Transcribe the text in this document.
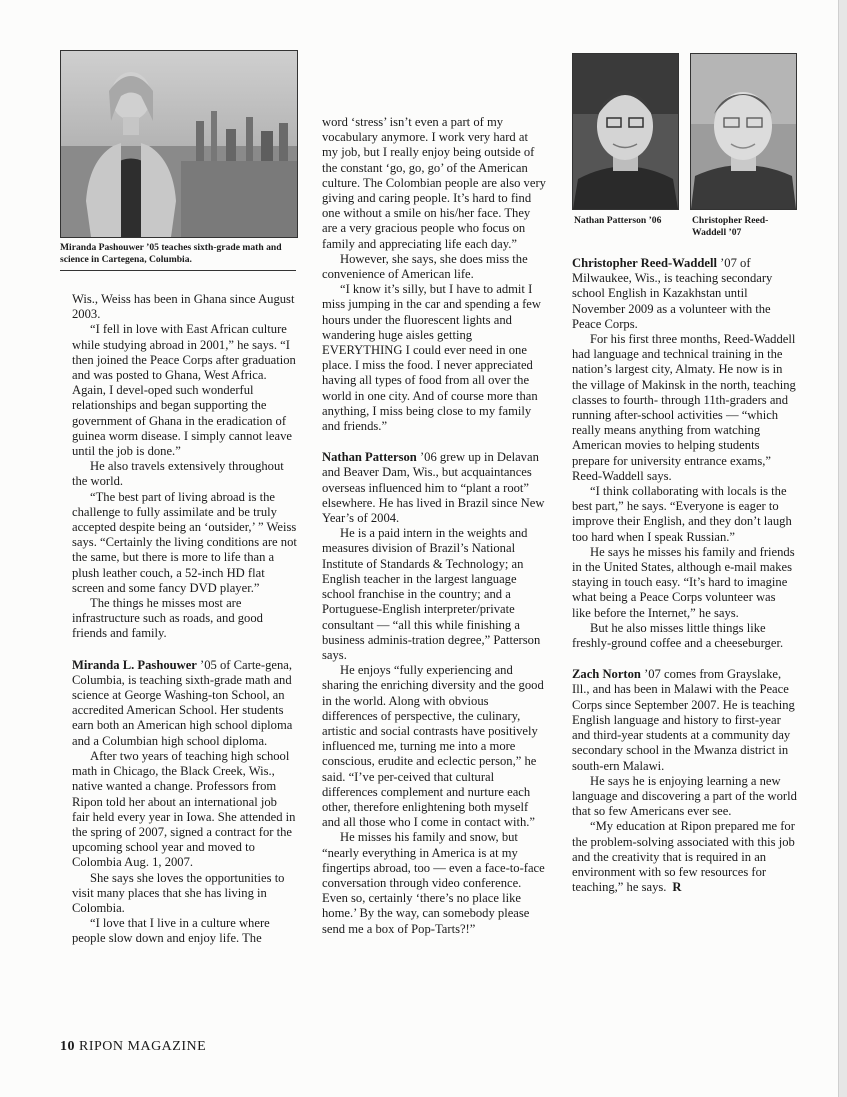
Miranda Pashouwer ’05 teaches sixth-grade math and science in Cartegena, Columbia.
Nathan Patterson ’06	Christopher Reed-Waddell ’07

Wis., Weiss has been in Ghana since August 2003.

“I fell in love with East African culture while studying abroad in 2001,” he says. “I then joined the Peace Corps after graduation and was posted to Ghana, West Africa. Again, I devel-oped such wonderful relationships and began supporting the government of Ghana in the eradication of guinea worm disease. I simply cannot leave until the job is done.”

He also travels extensively throughout the world.

“The best part of living abroad is the challenge to fully assimilate and be truly accepted despite being an ‘outsider,’ ” Weiss says. “Certainly the living conditions are not the same, but there is more to life than a plush leather couch, a 52-inch HD flat screen and some fancy DVD player.”

The things he misses most are infrastructure such as roads, and good friends and family.

Miranda L. Pashouwer ’05 of Carte-gena, Columbia, is teaching sixth-grade math and science at George Washing-ton School, an accredited American School. Her students earn both an American high school diploma and a Columbian high school diploma.

After two years of teaching high school math in Chicago, the Black Creek, Wis., native wanted a change. Professors from Ripon told her about an international job fair held every year in Iowa. She attended in the spring of 2007, signed a contract for the upcoming school year and moved to Colombia Aug. 1, 2007.

She says she loves the opportunities to visit many places that she has living in Colombia.

“I love that I live in a culture where people slow down and enjoy life. The

word ‘stress’ isn’t even a part of my vocabulary anymore. I work very hard at my job, but I really enjoy being outside of the constant ‘go, go, go’ of the American culture. The Colombian people are also very giving and caring people. It’s hard to find one without a smile on his/her face. They are a very gracious people who focus on family and appreciating life each day.”

However, she says, she does miss the convenience of American life.

“I know it’s silly, but I have to admit I miss jumping in the car and spending a few hours under the fluorescent lights and wandering huge aisles getting EVERYTHING I could ever need in one place. I miss the food. I never appreciated having all types of food from all over the world in one city. And of course more than anything, I miss being close to my family and friends.”

Nathan Patterson ’06 grew up in Delavan and Beaver Dam, Wis., but acquaintances overseas influenced him to “plant a root” elsewhere. He has lived in Brazil since New Year’s of 2004.

He is a paid intern in the weights and measures division of Brazil’s National Institute of Standards & Technology; an English teacher in the largest language school franchise in the country; and a Portuguese-English interpreter/private consultant — “all this while finishing a business adminis-tration degree,” Patterson says.

He enjoys “fully experiencing and sharing the enriching diversity and the good in the world. Along with obvious differences of perspective, the culinary, artistic and social contrasts have positively influenced me, turning me into a more conscious, erudite and eclectic person,” he said. “I’ve per-ceived that cultural differences complement and nurture each other, therefore enlightening both myself and all those who I come in contact with.”

He misses his family and snow, but “nearly everything in America is at my fingertips abroad, too — even a face-to-face conversation through video conference. Even so, certainly ‘there’s no place like home.’ By the way, can somebody please send me a box of Pop-Tarts?!”

Christopher Reed-Waddell ’07 of Milwaukee, Wis., is teaching secondary school English in Kazakhstan until November 2009 as a volunteer with the Peace Corps.

For his first three months, Reed-Waddell had language and technical training in the nation’s largest city, Almaty. He now is in the village of Makinsk in the north, teaching classes to fourth- through 11th-graders and running after-school activities — “which really means anything from watching American movies to helping students prepare for university entrance exams,” Reed-Waddell says.

“I think collaborating with locals is the best part,” he says. “Everyone is eager to improve their English, and they don’t laugh too hard when I speak Russian.”

He says he misses his family and friends in the United States, although e-mail makes staying in touch easy. “It’s hard to imagine what being a Peace Corps volunteer was like before the Internet,” he says.

But he also misses little things like freshly-ground coffee and a cheeseburger.

Zach Norton ’07 comes from Grayslake, Ill., and has been in Malawi with the Peace Corps since September 2007. He is teaching English language and history to first-year and third-year students at a community day secondary school in the Mwanza district in south-ern Malawi.

He says he is enjoying learning a new language and discovering a part of the world that so few Americans ever see.

“My education at Ripon prepared me for the problem-solving associated with this job and the creativity that is required in an environment with so few resources for teaching,” he says. R

10 RIPON MAGAZINE
